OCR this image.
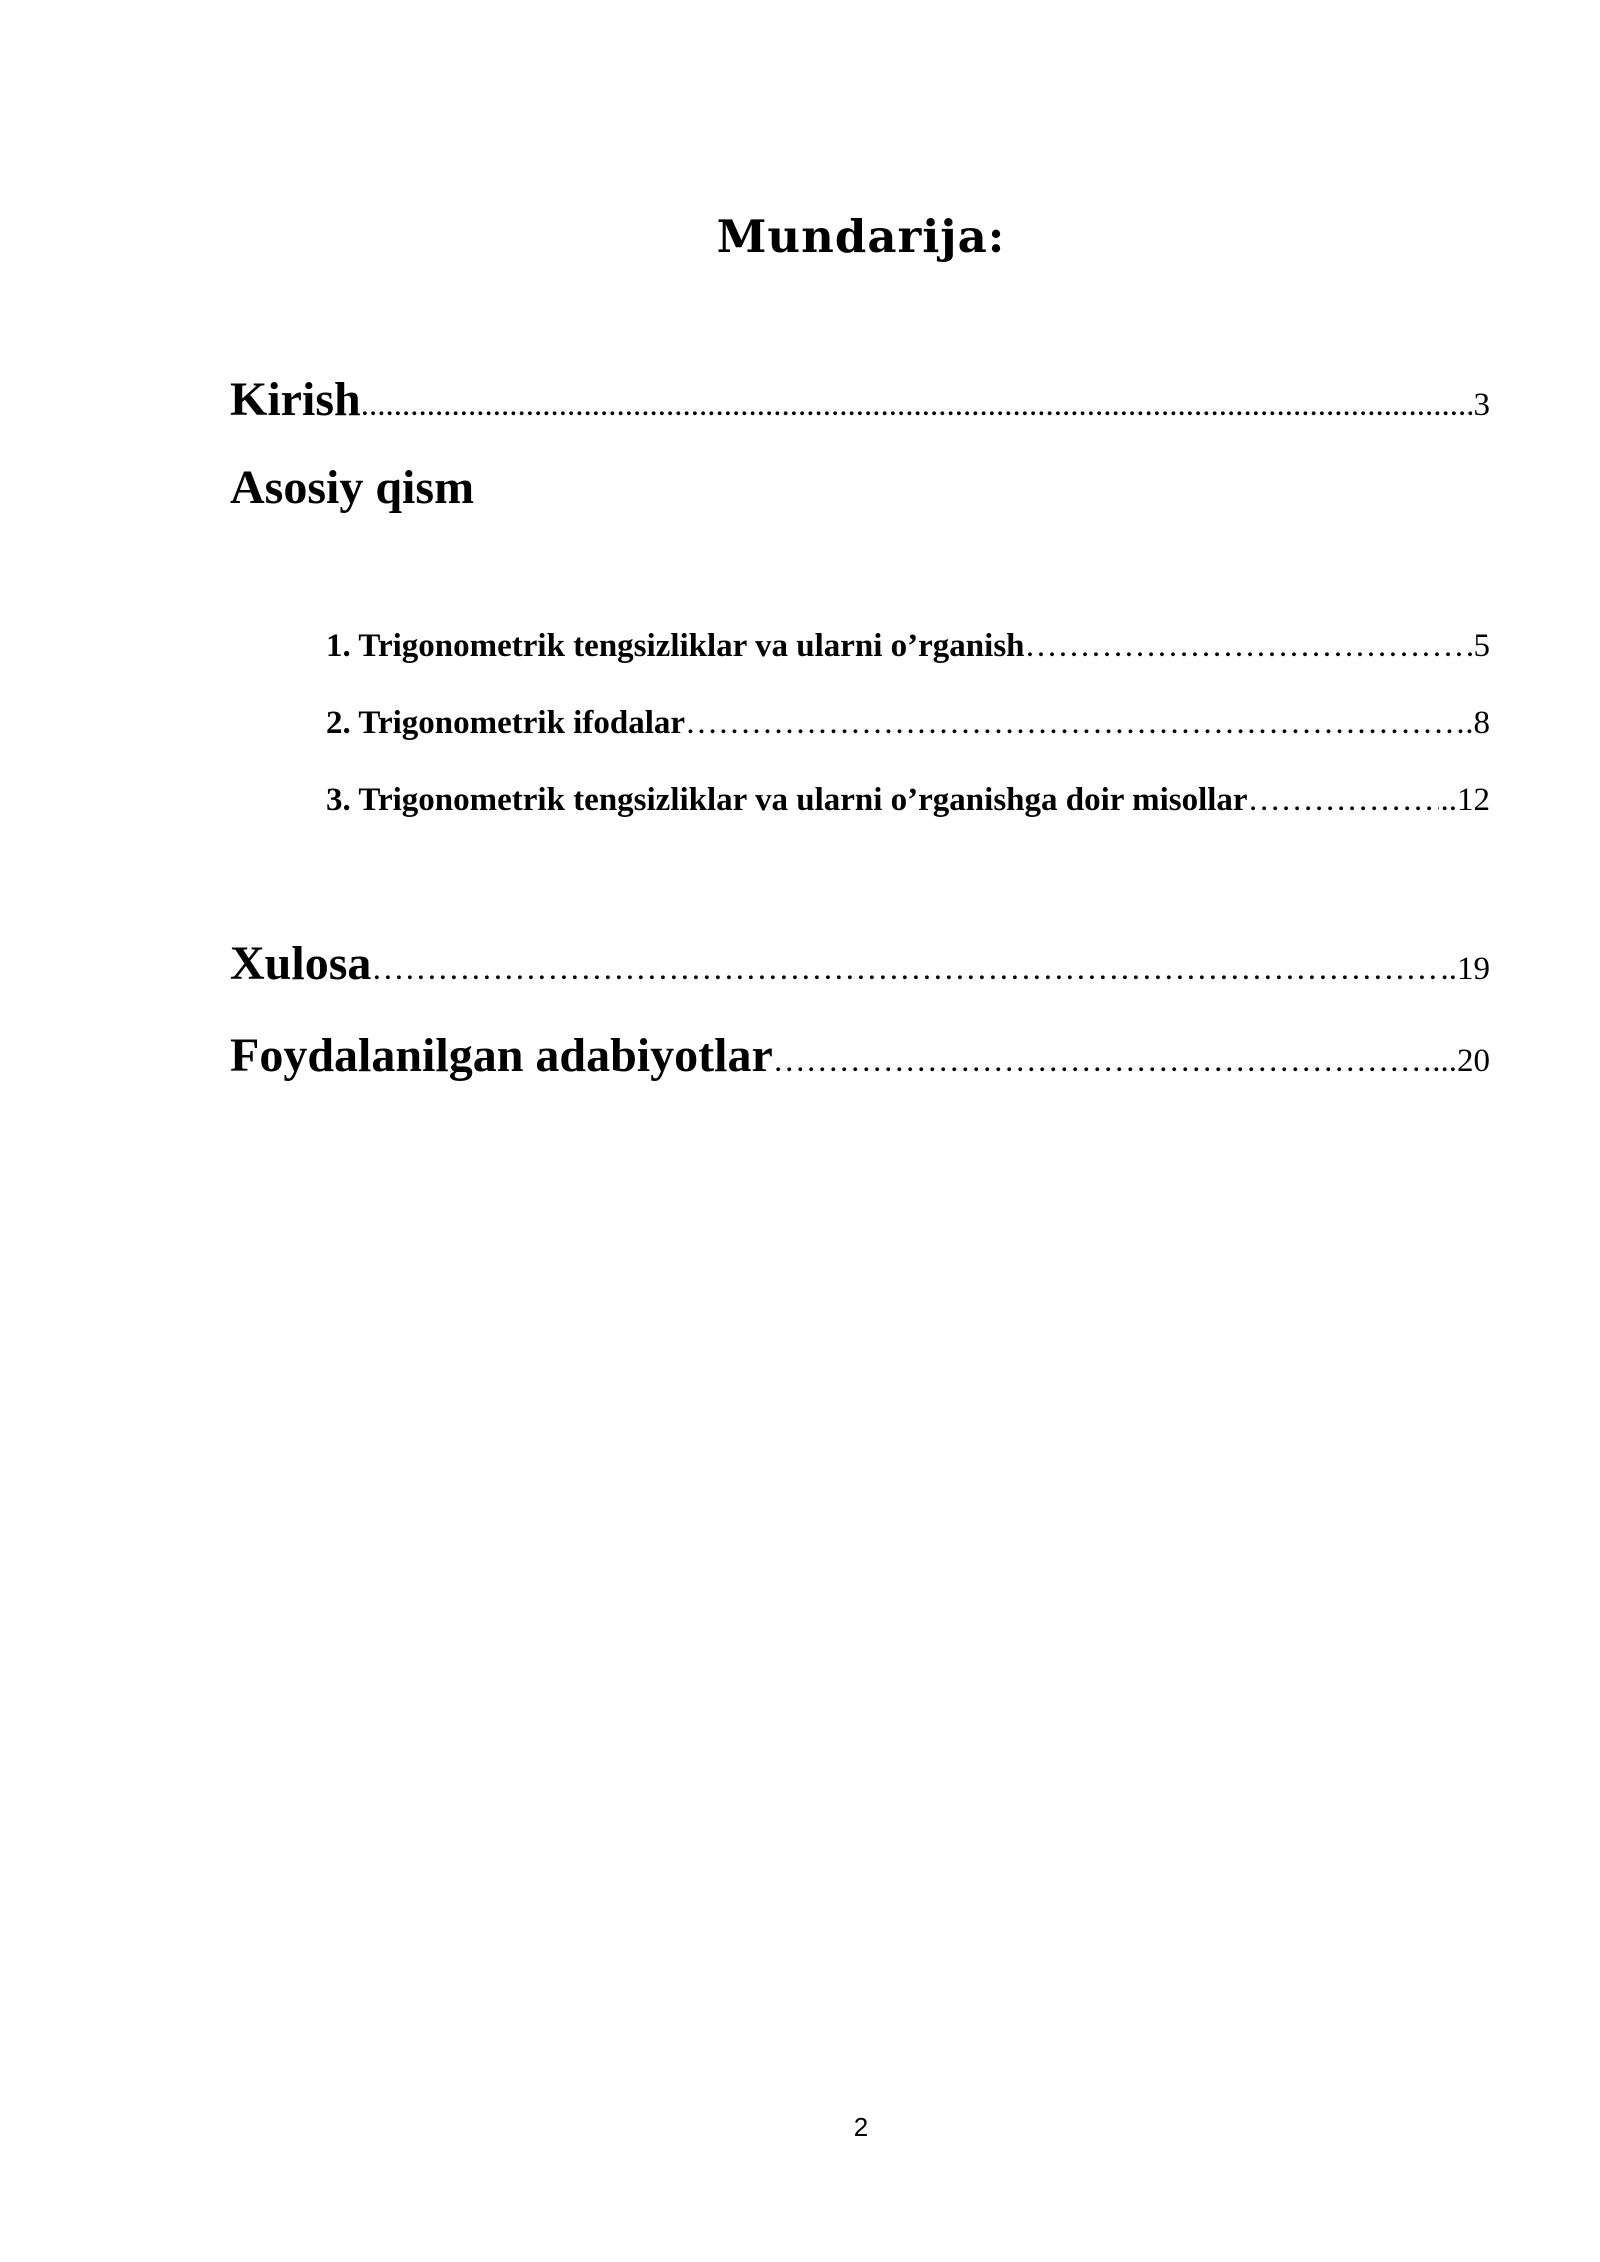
Mundarija:
Kirish .....	3
Asosiy qism
1. Trigonometrik tengsizliklar va ularni o’rganish ……………………………………………………………………………………………………………………………………………………………………………………………………………………………………	5
2. Trigonometrik ifodalar ……………………………………………………………………………………………………………………………………………………………………………………………………………………………………	.8
3. Trigonometrik tengsizliklar va ularni o’rganishga doir misollar ……………………………………………………………………………………………………………………………………………………………………………………………………………………………………	..12
Xulosa ……………………………………………………………………………………………………………………………………………………………………………………………………………………………………	..19
Foydalanilgan adabiyotlar ……………………………………………………………………………………………………………………………………………………………………………………………………………………………………	...20
2
